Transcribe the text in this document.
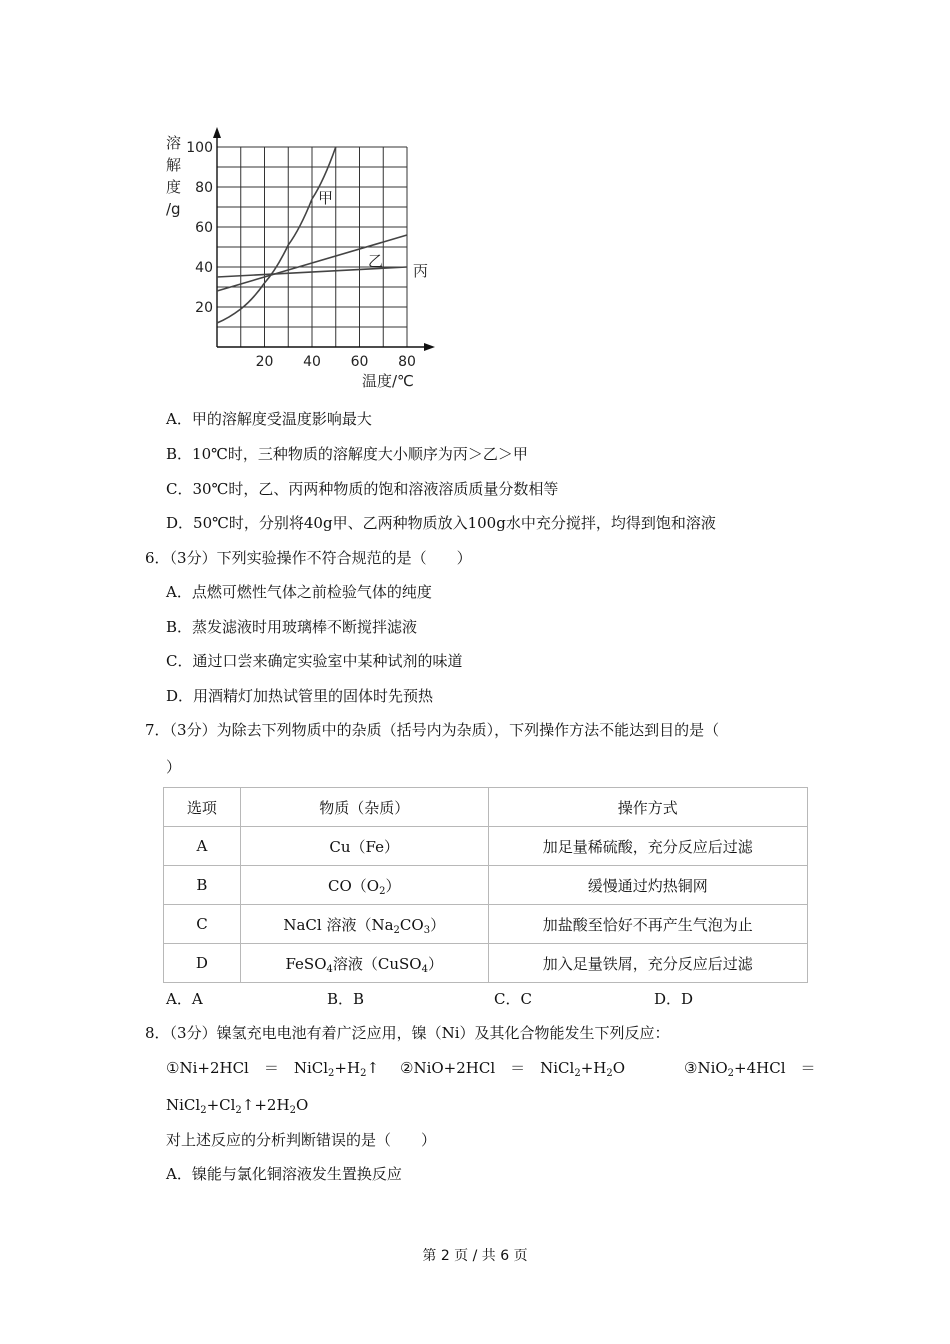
甲
乙
丙
20
40
60
80
100
20 40 60 80
溶
解
度
/g
温度/℃
A．甲的溶解度受温度影响最大
B．10℃时，三种物质的溶解度大小顺序为丙＞乙＞甲
C．30℃时，乙、丙两种物质的饱和溶液溶质质量分数相等
D．50℃时，分别将40g甲、乙两种物质放入100g水中充分搅拌，均得到饱和溶液
6．（3分）下列实验操作不符合规范的是（　　）
A．点燃可燃性气体之前检验气体的纯度
B．蒸发滤液时用玻璃棒不断搅拌滤液
C．通过口尝来确定实验室中某种试剂的味道
D．用酒精灯加热试管里的固体时先预热
7．（3分）为除去下列物质中的杂质（括号内为杂质），下列操作方法不能达到目的是（
）
选项	物质（杂质）	操作方式
A	Cu（Fe）	加足量稀硫酸，充分反应后过滤
B	$CO(O_2)$	缓慢通过灼热铜网
C	NaCl 溶液$(Na_2CO_3)$	加盐酸至恰好不再产生气泡为止
D	FeSO$_4$溶液（CuSO$_4$）	加入足量铁屑，充分反应后过滤
A．A	B．B	C．C	D．D
8．（3分）镍氢充电电池有着广泛应用，镍（Ni）及其化合物能发生下列反应：
①Ni+2HCl　＝　$NiCl_2+H_2↑$ ②NiO+2HCl　＝　$NiCl_2+H_2O$	③NiO$_2$+4HCl　＝
$NiCl_2+Cl_2↑+2H_2O$
对上述反应的分析判断错误的是（　　）
A．镍能与氯化铜溶液发生置换反应
第 2 页 / 共 6 页
